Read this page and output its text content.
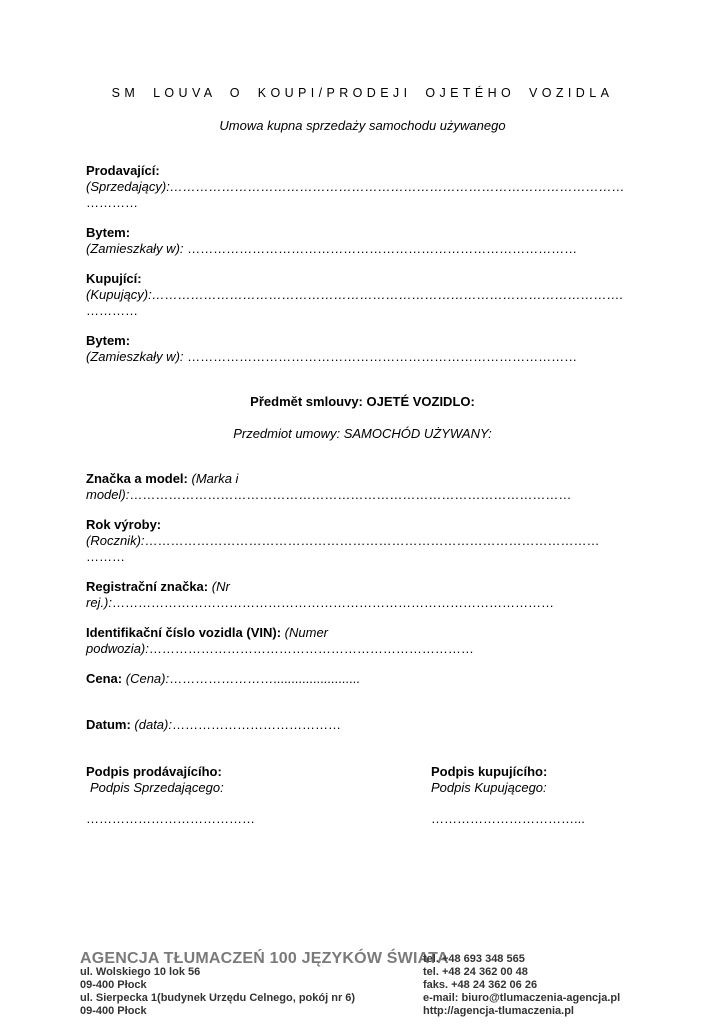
SM LOUVA O KOUPI/PRODEJI OJETÉHO VOZIDLA
Umowa kupna sprzedaży samochodu używanego
Prodavající:
(Sprzedający):……………………………………………………………………………………………
…………
Bytem:
(Zamieszkały w): ………………………………………………………………………………
Kupující:
(Kupujący):……………………………………………………………………………………………….
…………
Bytem:
(Zamieszkały w): ………………………………………………………………………………
Předmět smlouvy: OJETÉ VOZIDLO:
Przedmiot umowy: SAMOCHÓD UŻYWANY:
Značka a model: (Marka i
model):…………………………………………………………………………………………
Rok výroby:
(Rocznik):……………………………………………………………………………………………
………
Registrační značka: (Nr
rej.):…………………………………………………………………………………………
Identifikační číslo vozidla (VIN): (Numer
podwozia):…………………………………………………………………
Cena: (Cena):……………………........................
Datum: (data):…………………………………
Podpis prodávajícího:
Podpis Sprzedającego:
…………………………………
Podpis kupujícího:
Podpis Kupującego:
……………………………...
AGENCJA TŁUMACZEŃ 100 JĘZYKÓW ŚWIATA
ul. Wolskiego 10 lok 56
09-400 Płock
ul. Sierpecka 1(budynek Urzędu Celnego, pokój nr 6)
09-400 Płock
tel. +48 693 348 565
tel. +48 24 362 00 48
faks. +48 24 362 06 26
e-mail: biuro@tlumaczenia-agencja.pl
http://agencja-tlumaczenia.pl
